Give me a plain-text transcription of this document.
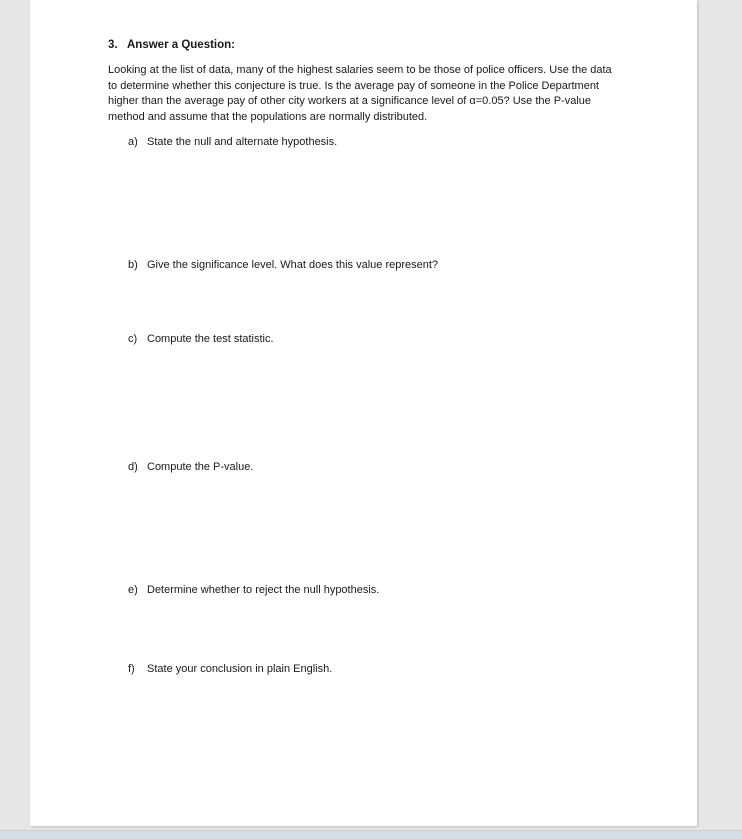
3. Answer a Question:
Looking at the list of data, many of the highest salaries seem to be those of police officers. Use the data
to determine whether this conjecture is true. Is the average pay of someone in the Police Department
higher than the average pay of other city workers at a significance level of α=0.05? Use the P-value
method and assume that the populations are normally distributed.
a) State the null and alternate hypothesis.
b) Give the significance level. What does this value represent?
c) Compute the test statistic.
d) Compute the P-value.
e) Determine whether to reject the null hypothesis.
f) State your conclusion in plain English.
